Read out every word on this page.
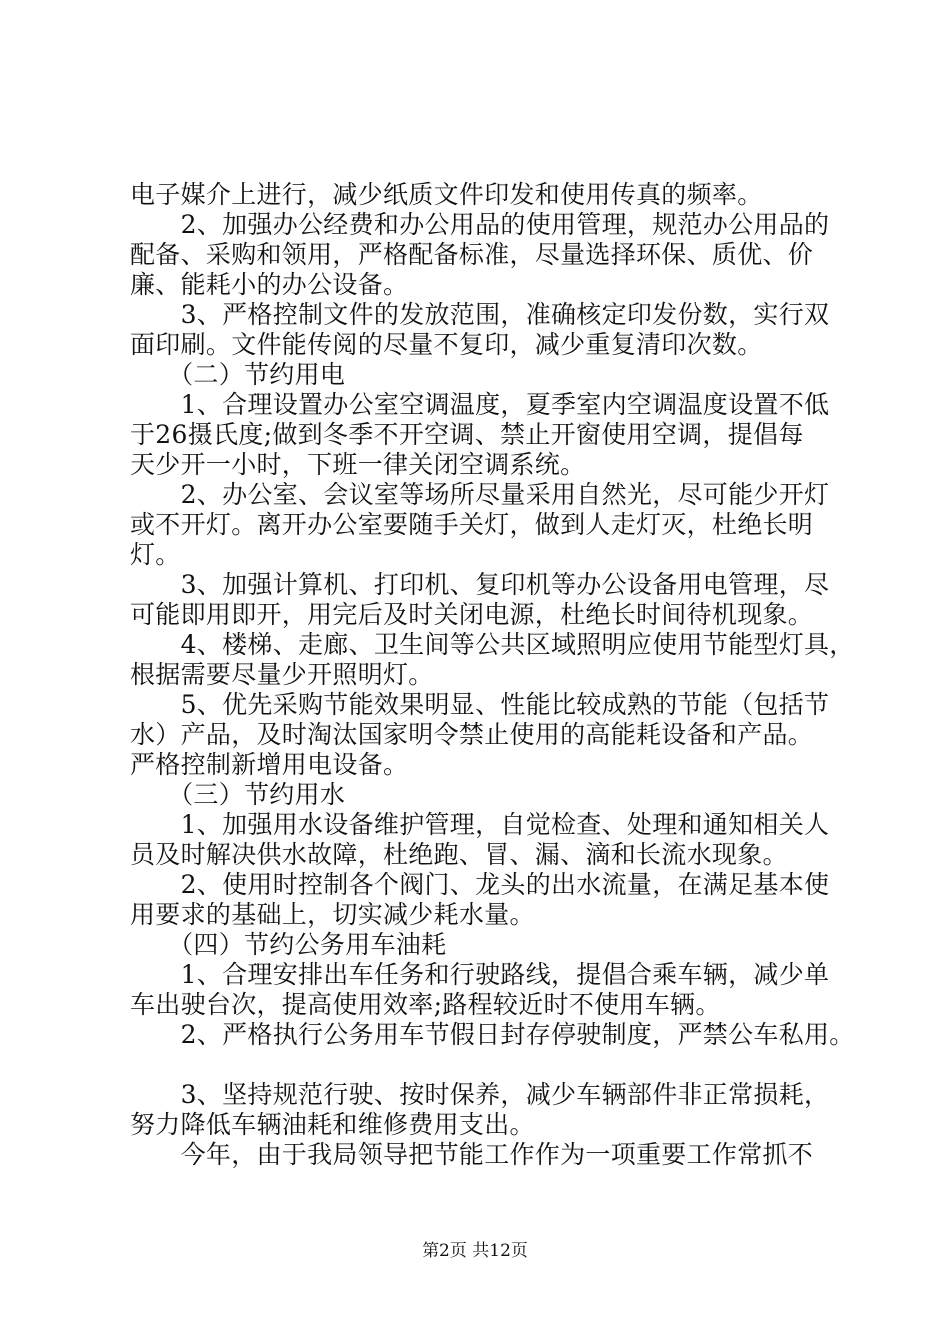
电子媒介上进行，减少纸质文件印发和使用传真的频率。
　　2、加强办公经费和办公用品的使用管理，规范办公用品的
配备、采购和领用，严格配备标准，尽量选择环保、质优、价
廉、能耗小的办公设备。
　　3、严格控制文件的发放范围，准确核定印发份数，实行双
面印刷。文件能传阅的尽量不复印，减少重复清印次数。
　　（二）节约用电
　　1、合理设置办公室空调温度，夏季室内空调温度设置不低
于26摄氏度;做到冬季不开空调、禁止开窗使用空调，提倡每
天少开一小时，下班一律关闭空调系统。
　　2、办公室、会议室等场所尽量采用自然光，尽可能少开灯
或不开灯。离开办公室要随手关灯，做到人走灯灭，杜绝长明
灯。
　　3、加强计算机、打印机、复印机等办公设备用电管理，尽
可能即用即开，用完后及时关闭电源，杜绝长时间待机现象。
　　4、楼梯、走廊、卫生间等公共区域照明应使用节能型灯具，
根据需要尽量少开照明灯。
　　5、优先采购节能效果明显、性能比较成熟的节能（包括节
水）产品，及时淘汰国家明令禁止使用的高能耗设备和产品。
严格控制新增用电设备。
　　（三）节约用水
　　1、加强用水设备维护管理，自觉检查、处理和通知相关人
员及时解决供水故障，杜绝跑、冒、漏、滴和长流水现象。
　　2、使用时控制各个阀门、龙头的出水流量，在满足基本使
用要求的基础上，切实减少耗水量。
　　（四）节约公务用车油耗
　　1、合理安排出车任务和行驶路线，提倡合乘车辆，减少单
车出驶台次，提高使用效率;路程较近时不使用车辆。
　　2、严格执行公务用车节假日封存停驶制度，严禁公车私用。
　　3、坚持规范行驶、按时保养，减少车辆部件非正常损耗，
努力降低车辆油耗和维修费用支出。
　　今年，由于我局领导把节能工作作为一项重要工作常抓不
第2页 共12页
